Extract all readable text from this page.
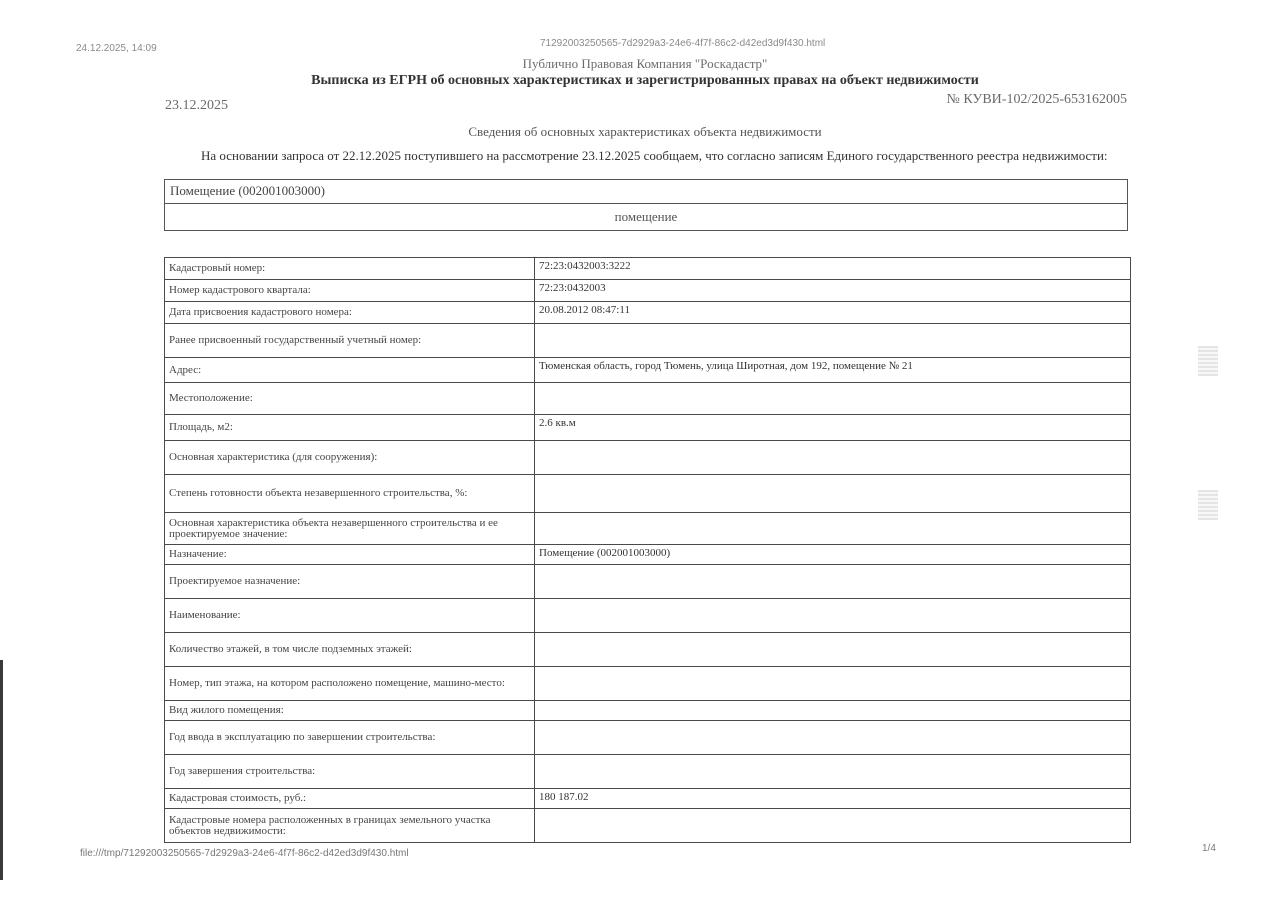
24.12.2025, 14:09	71292003250565-7d2929a3-24e6-4f7f-86c2-d42ed3d9f430.html
Публично Правовая Компания "Роскадастр"
Выписка из ЕГРН об основных характеристиках и зарегистрированных правах на объект недвижимости
23.12.2025	№ КУВИ-102/2025-653162005
Сведения об основных характеристиках объекта недвижимости
На основании запроса от 22.12.2025 поступившего на рассмотрение 23.12.2025 сообщаем, что согласно записям Единого государственного реестра недвижимости:
Помещение (002001003000)
помещение
Кадастровый номер:	72:23:0432003:3222
Номер кадастрового квартала:	72:23:0432003
Дата присвоения кадастрового номера:	20.08.2012 08:47:11
Ранее присвоенный государственный учетный номер:	
Адрес:	Тюменская область, город Тюмень, улица Широтная, дом 192, помещение № 21
Местоположение:	
Площадь, м2:	2.6 кв.м
Основная характеристика (для сооружения):	
Степень готовности объекта незавершенного строительства, %:	
Основная характеристика объекта незавершенного строительства и ее проектируемое значение:	
Назначение:	Помещение (002001003000)
Проектируемое назначение:	
Наименование:	
Количество этажей, в том числе подземных этажей:	
Номер, тип этажа, на котором расположено помещение, машино-место:	
Вид жилого помещения:	
Год ввода в эксплуатацию по завершении строительства:	
Год завершения строительства:	
Кадастровая стоимость, руб.:	180 187.02
Кадастровые номера расположенных в границах земельного участка объектов недвижимости:	
file:///tmp/71292003250565-7d2929a3-24e6-4f7f-86c2-d42ed3d9f430.html	1/4
